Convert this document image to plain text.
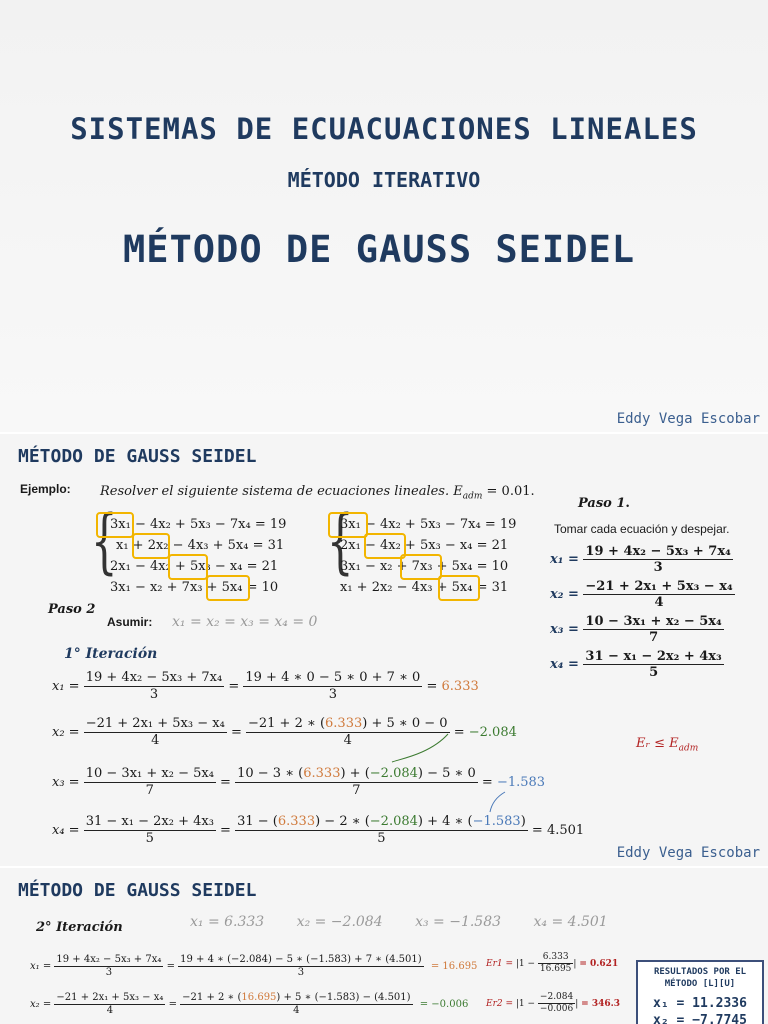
SISTEMAS DE ECUACUACIONES LINEALES
MÉTODO ITERATIVO
MÉTODO DE GAUSS SEIDEL
Eddy Vega Escobar
MÉTODO DE GAUSS SEIDEL
Ejemplo: Resolver el siguiente sistema de ecuaciones lineales. $E_{adm} = 0.01$.
{
3x₁ − 4x₂ + 5x₃ − 7x₄ = 19
x₁ + 2x₂ − 4x₃ + 5x₄ = 31
2x₁ − 4x₂ + 5x₃ − x₄ = 21
3x₁ − x₂ + 7x₃ + 5x₄ = 10
{
3x₁ − 4x₂ + 5x₃ − 7x₄ = 19
2x₁ − 4x₂ + 5x₃ − x₄ = 21
3x₁ − x₂ + 7x₃ + 5x₄ = 10
x₁ + 2x₂ − 4x₃ + 5x₄ = 31
Paso 1.
Tomar cada ecuación y despejar.
$x_1 = \frac{\text{19 + 4x₂ − 5x₃ + 7x₄}}{3}$
$x_2 = \frac{\text{−21 + 2x₁ + 5x₃ − x₄}}{4}$
$x_3 = \frac{\text{10 − 3x₁ + x₂ − 5x₄}}{7}$
$x_4 = \frac{\text{31 − x₁ − 2x₂ + 4x₃}}{5}$
Eᵣ ≤ $E_{adm}$
Paso 2
Asumir: x₁ = x₂ = x₃ = x₄ = 0
1° Iteración
$x_1 = \frac{\text{19 + 4x₂ − 5x₃ + 7x₄}}{3} = \frac{19 + 4 ∗ 0 - 5 ∗ 0 + 7 ∗ 0}{3} = 6.333$
$x_2 = \frac{\text{−21 + 2x₁ + 5x₃ − x₄}}{4} = \frac{-21 + 2 ∗ (6.333) + 5 ∗ 0 - 0}{4} = -2.084$
$x_3 = \frac{\text{10 − 3x₁ + x₂ − 5x₄}}{7} = \frac{10 - 3 ∗ (6.333) + (-2.084) - 5 ∗ 0}{7} = -1.583$
$x_4 = \frac{\text{31 − x₁ − 2x₂ + 4x₃}}{5} = \frac{31 - (6.333) - 2 ∗ (-2.084) + 4 ∗ (-1.583)}{5} = 4.501$
Eddy Vega Escobar
MÉTODO DE GAUSS SEIDEL
2° Iteración	x₁ = 6.333 x₂ = −2.084 x₃ = −1.583 x₄ = 4.501
$x_1 = \frac{\text{19 + 4x₂ − 5x₃ + 7x₄}}{3} = \frac{19 + 4 ∗ (-2.084) - 5 ∗ (-1.583) + 7 ∗ (4.501)}{3} = 16.695$
$x_2 = \frac{\text{−21 + 2x₁ + 5x₃ − x₄}}{4} = \frac{-21 + 2 ∗ (16.695) + 5 ∗ (-1.583) - (4.501)}{4} = -0.006$
$Er1 = |1 - \frac{6.333}{16.695}$ | = 0.621
$Er2 = |1 - \frac{-2.084}{-0.006}$ | = 346.3
RESULTADOS POR EL MÉTODO [L][U]
x₁ = 11.2336
x₂ = −7.7745
